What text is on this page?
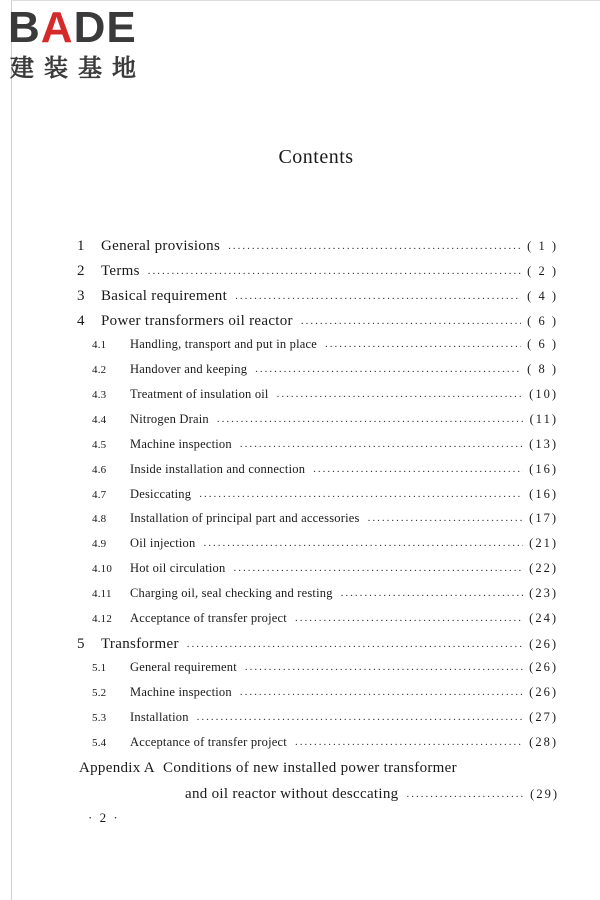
BADE
建装基地
Contents
1	General provisions .....	( 1 )
2	Terms .....	( 2 )
3	Basical requirement .....	( 4 )
4	Power transformers oil reactor .....	( 6 )
4.1	Handling, transport and put in place .....	( 6 )
4.2	Handover and keeping .....	( 8 )
4.3	Treatment of insulation oil .....	(10)
4.4	Nitrogen Drain .....	(11)
4.5	Machine inspection .....	(13)
4.6	Inside installation and connection .....	(16)
4.7	Desiccating .....	(16)
4.8	Installation of principal part and accessories .....	(17)
4.9	Oil injection .....	(21)
4.10	Hot oil circulation .....	(22)
4.11	Charging oil, seal checking and resting .....	(23)
4.12	Acceptance of transfer project .....	(24)
5	Transformer .....	(26)
5.1	General requirement .....	(26)
5.2	Machine inspection .....	(26)
5.3	Installation .....	(27)
5.4	Acceptance of transfer project .....	(28)
Appendix A Conditions of new installed power transformer
and oil reactor without desccating .....	(29)
· 2 ·
